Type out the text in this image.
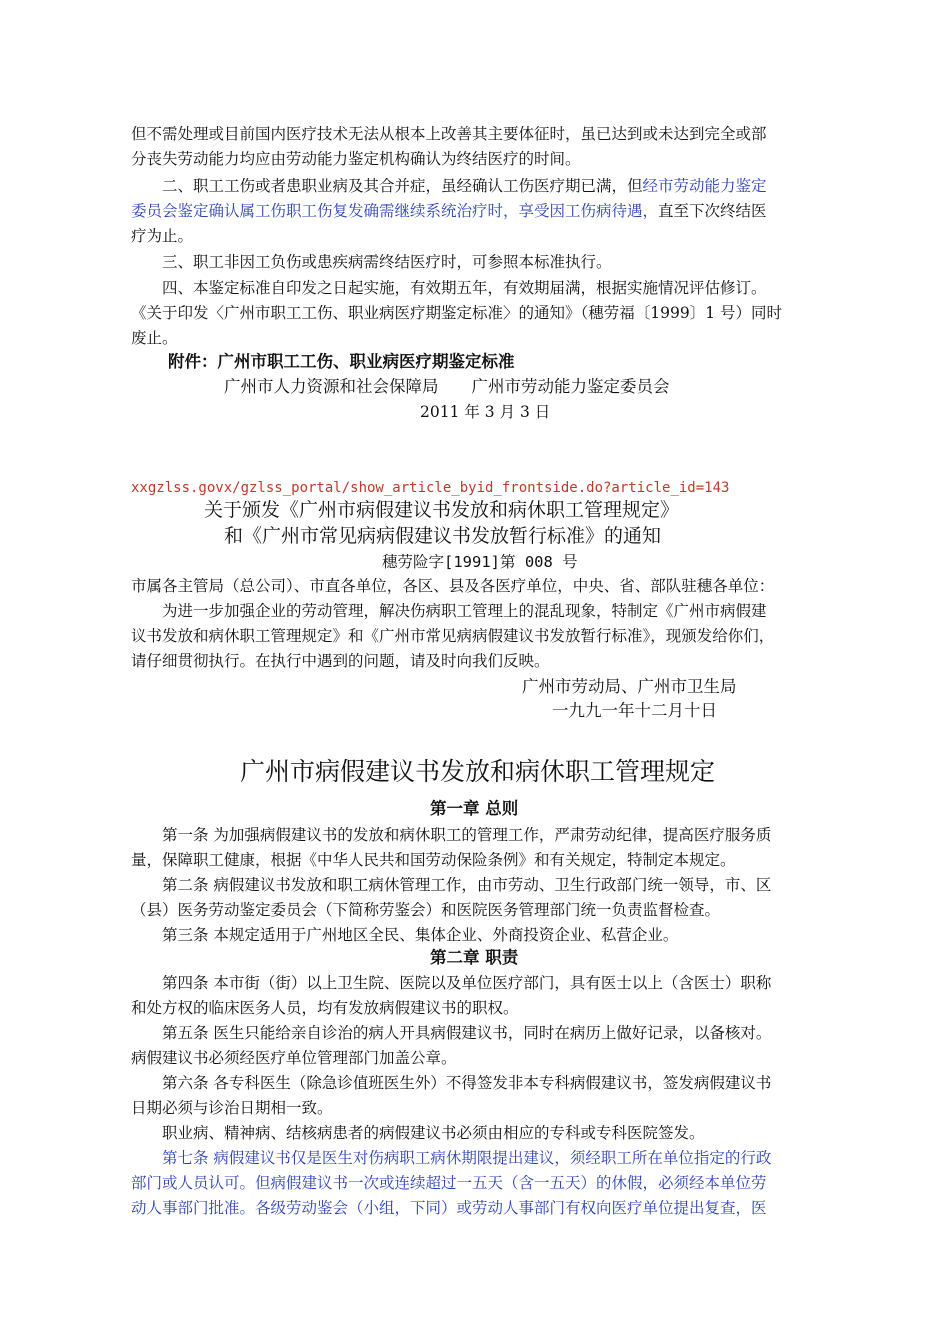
但不需处理或目前国内医疗技术无法从根本上改善其主要体征时，虽已达到或未达到完全或部
分丧失劳动能力均应由劳动能力鉴定机构确认为终结医疗的时间。
二、职工工伤或者患职业病及其合并症，虽经确认工伤医疗期已满，但经市劳动能力鉴定
委员会鉴定确认属工伤职工伤复发确需继续系统治疗时，享受因工伤病待遇，直至下次终结医
疗为止。
三、职工非因工负伤或患疾病需终结医疗时，可参照本标准执行。
四、本鉴定标准自印发之日起实施，有效期五年，有效期届满，根据实施情况评估修订。
《关于印发〈广州市职工工伤、职业病医疗期鉴定标准〉的通知》（穗劳福〔1999〕1 号）同时
废止。
附件：广州市职工工伤、职业病医疗期鉴定标准
广州市人力资源和社会保障局　　广州市劳动能力鉴定委员会
2011 年 3 月 3 日
xxgzlss.govx/gzlss_portal/show_article_byid_frontside.do?article_id=143
关于颁发《广州市病假建议书发放和病休职工管理规定》
和《广州市常见病病假建议书发放暂行标准》的通知
穗劳险字[1991]第 008 号
市属各主管局（总公司）、市直各单位，各区、县及各医疗单位，中央、省、部队驻穗各单位：
为进一步加强企业的劳动管理，解决伤病职工管理上的混乱现象，特制定《广州市病假建
议书发放和病休职工管理规定》和《广州市常见病病假建议书发放暂行标准》，现颁发给你们，
请仔细贯彻执行。在执行中遇到的问题，请及时向我们反映。
广州市劳动局、广州市卫生局
一九九一年十二月十日
广州市病假建议书发放和病休职工管理规定
第一章 总则
第一条 为加强病假建议书的发放和病休职工的管理工作，严肃劳动纪律，提高医疗服务质
量，保障职工健康，根据《中华人民共和国劳动保险条例》和有关规定，特制定本规定。
第二条 病假建议书发放和职工病休管理工作，由市劳动、卫生行政部门统一领导，市、区
（县）医务劳动鉴定委员会（下简称劳鉴会）和医院医务管理部门统一负责监督检查。
第三条 本规定适用于广州地区全民、集体企业、外商投资企业、私营企业。
第二章 职责
第四条 本市街（街）以上卫生院、医院以及单位医疗部门，具有医士以上（含医士）职称
和处方权的临床医务人员，均有发放病假建议书的职权。
第五条 医生只能给亲自诊治的病人开具病假建议书，同时在病历上做好记录，以备核对。
病假建议书必须经医疗单位管理部门加盖公章。
第六条 各专科医生（除急诊值班医生外）不得签发非本专科病假建议书，签发病假建议书
日期必须与诊治日期相一致。
职业病、精神病、结核病患者的病假建议书必须由相应的专科或专科医院签发。
第七条 病假建议书仅是医生对伤病职工病休期限提出建议，须经职工所在单位指定的行政
部门或人员认可。但病假建议书一次或连续超过一五天（含一五天）的休假，必须经本单位劳
动人事部门批准。各级劳动鉴会（小组，下同）或劳动人事部门有权向医疗单位提出复查，医
